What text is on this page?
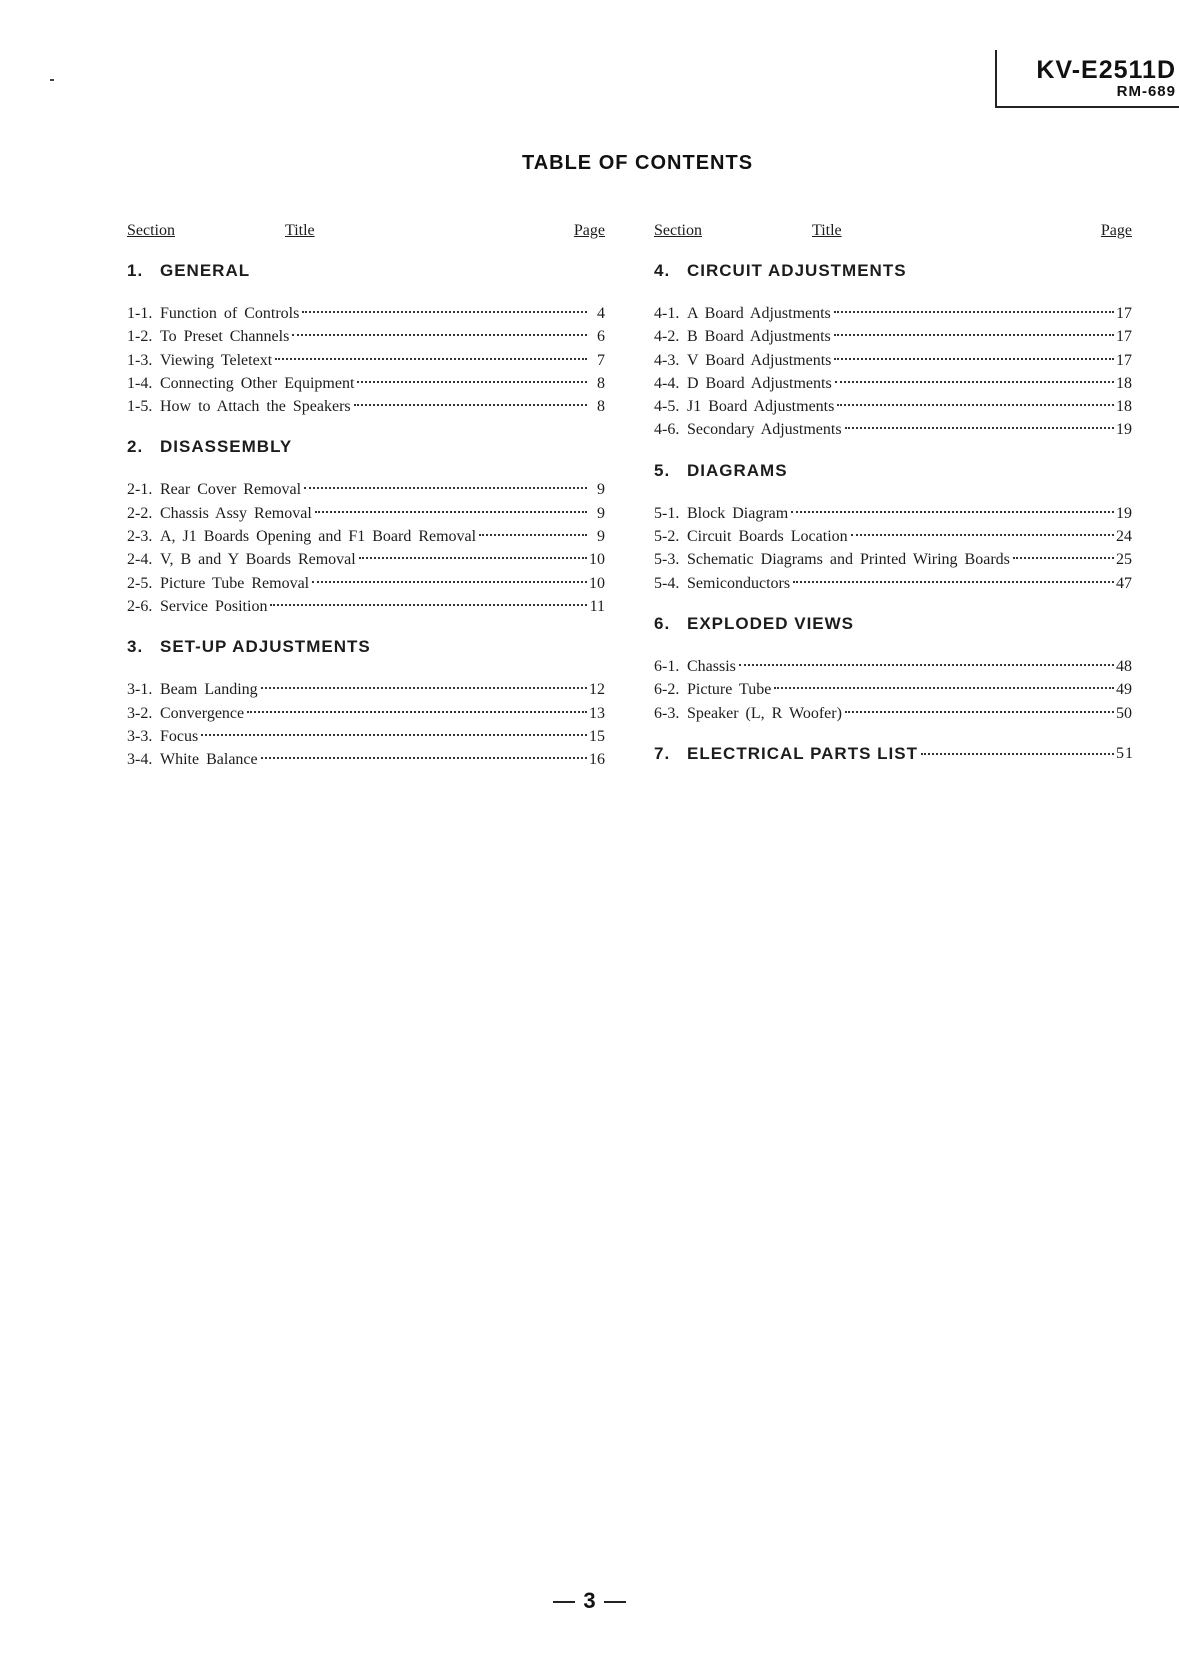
KV-E2511D
RM-689
TABLE OF CONTENTS
Section	Title	Page
1. GENERAL
1-1. Function of Controls	4
1-2. To Preset Channels	6
1-3. Viewing Teletext	7
1-4. Connecting Other Equipment	8
1-5. How to Attach the Speakers	8
2. DISASSEMBLY
2-1. Rear Cover Removal	9
2-2. Chassis Assy Removal	9
2-3. A, J1 Boards Opening and F1 Board Removal	9
2-4. V, B and Y Boards Removal	10
2-5. Picture Tube Removal	10
2-6. Service Position	11
3. SET-UP ADJUSTMENTS
3-1. Beam Landing	12
3-2. Convergence	13
3-3. Focus	15
3-4. White Balance	16
Section	Title	Page
4. CIRCUIT ADJUSTMENTS
4-1. A Board Adjustments	17
4-2. B Board Adjustments	17
4-3. V Board Adjustments	17
4-4. D Board Adjustments	18
4-5. J1 Board Adjustments	18
4-6. Secondary Adjustments	19
5. DIAGRAMS
5-1. Block Diagram	19
5-2. Circuit Boards Location	24
5-3. Schematic Diagrams and Printed Wiring Boards	25
5-4. Semiconductors	47
6. EXPLODED VIEWS
6-1. Chassis	48
6-2. Picture Tube	49
6-3. Speaker (L, R Woofer)	50
7. ELECTRICAL PARTS LIST	51
3
